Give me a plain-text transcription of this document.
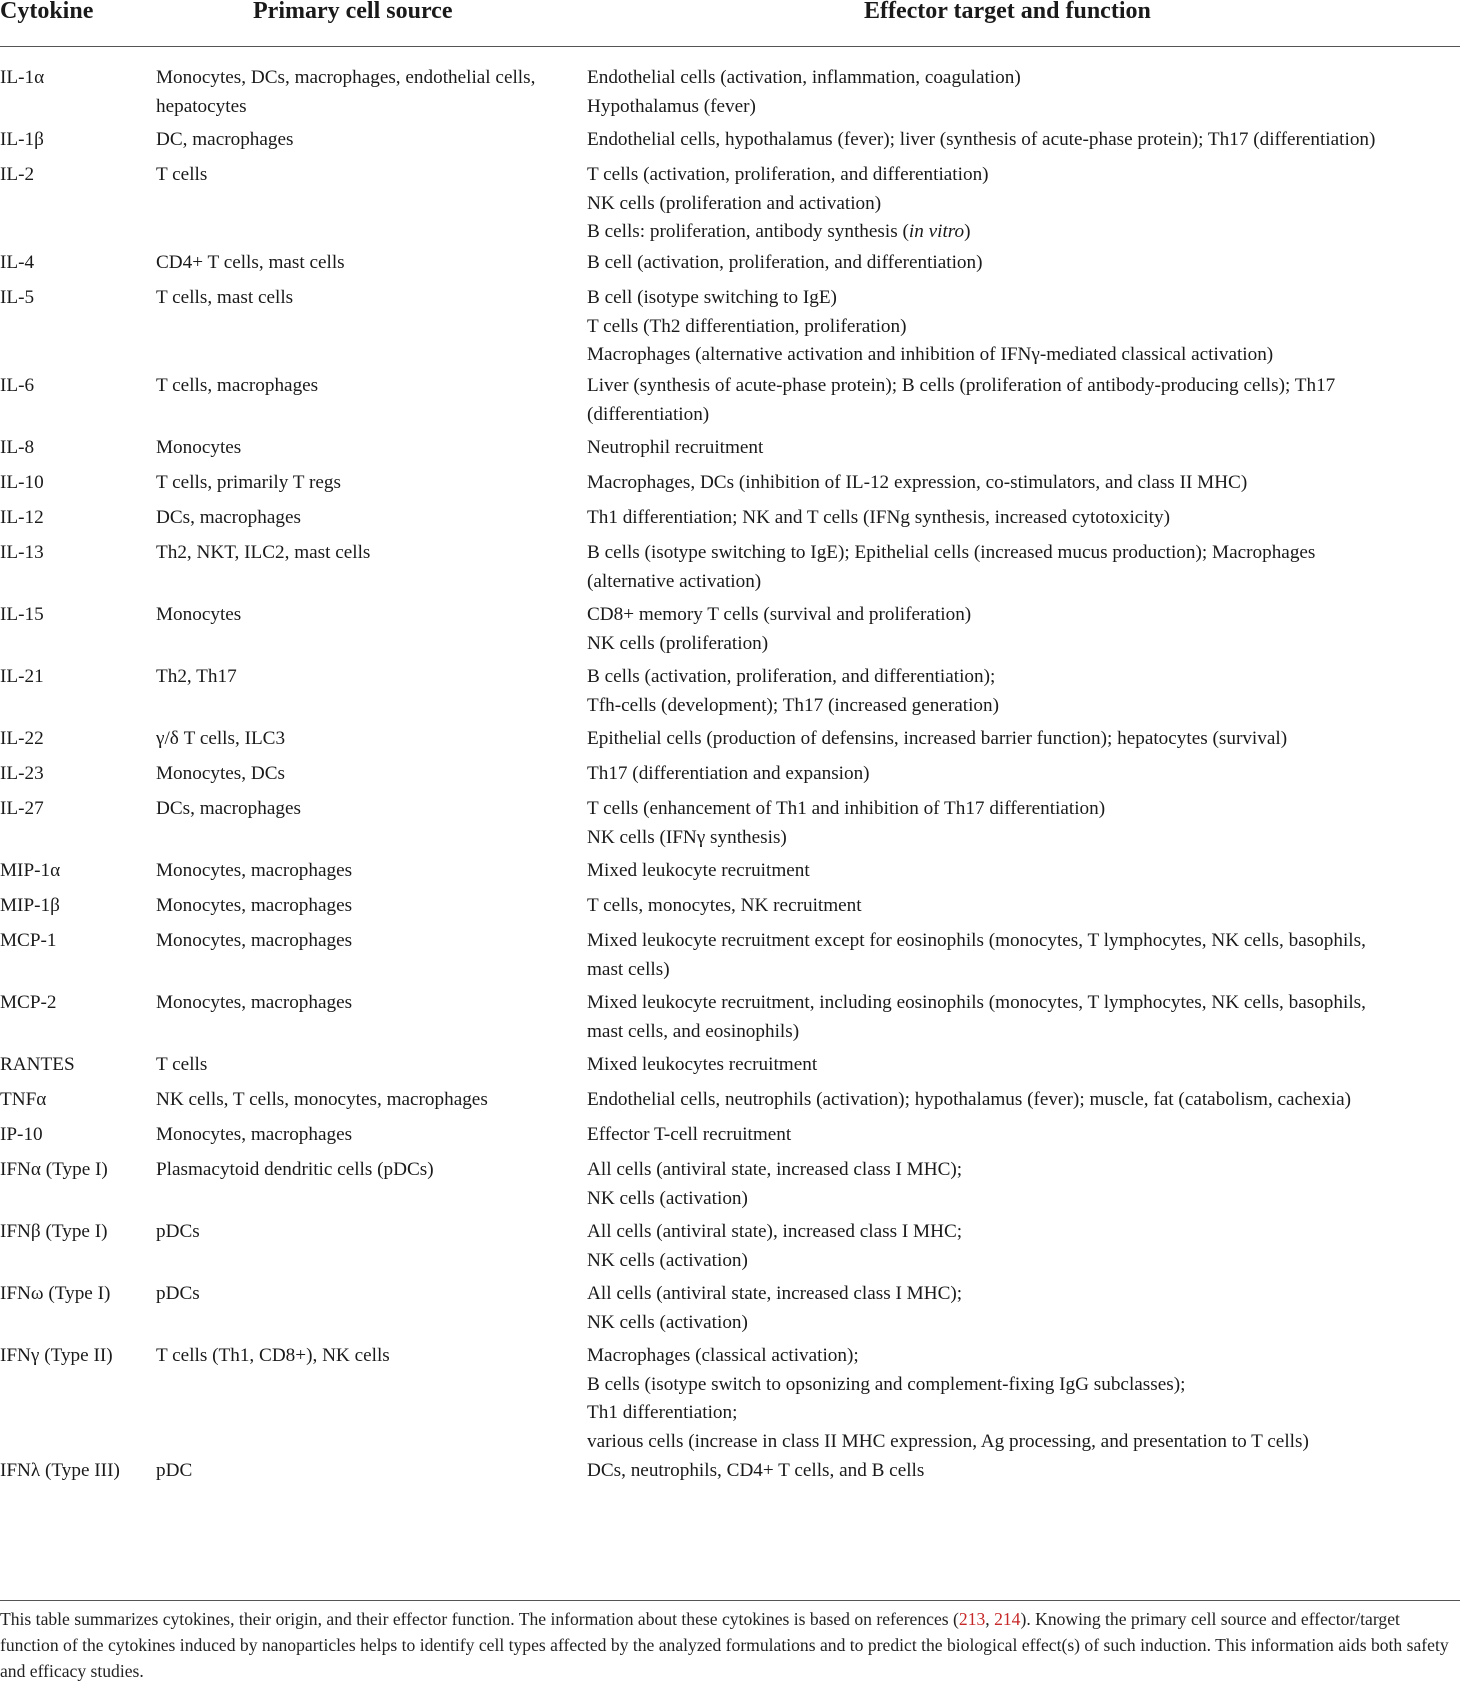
Cytokine	Primary cell source	Effector target and function
IL-1α	Monocytes, DCs, macrophages, endothelial cells, hepatocytes
Endothelial cells (activation, inflammation, coagulation)
Hypothalamus (fever)
IL-1β	DC, macrophages	Endothelial cells, hypothalamus (fever); liver (synthesis of acute-phase protein); Th17 (differentiation)
IL-2	T cells	T cells (activation, proliferation, and differentiation)
NK cells (proliferation and activation)
B cells: proliferation, antibody synthesis (in vitro)
IL-4	CD4+ T cells, mast cells	B cell (activation, proliferation, and differentiation)
IL-5	T cells, mast cells	B cell (isotype switching to IgE)
T cells (Th2 differentiation, proliferation)
Macrophages (alternative activation and inhibition of IFNγ-mediated classical activation)
IL-6	T cells, macrophages	Liver (synthesis of acute-phase protein); B cells (proliferation of antibody-producing cells); Th17
(differentiation)
IL-8	Monocytes	Neutrophil recruitment
IL-10	T cells, primarily T regs	Macrophages, DCs (inhibition of IL-12 expression, co-stimulators, and class II MHC)
IL-12	DCs, macrophages	Th1 differentiation; NK and T cells (IFNg synthesis, increased cytotoxicity)
IL-13	Th2, NKT, ILC2, mast cells	B cells (isotype switching to IgE); Epithelial cells (increased mucus production); Macrophages
(alternative activation)
IL-15	Monocytes	CD8+ memory T cells (survival and proliferation)
NK cells (proliferation)
IL-21	Th2, Th17	B cells (activation, proliferation, and differentiation);
Tfh-cells (development); Th17 (increased generation)
IL-22	γ/δ T cells, ILC3	Epithelial cells (production of defensins, increased barrier function); hepatocytes (survival)
IL-23	Monocytes, DCs	Th17 (differentiation and expansion)
IL-27	DCs, macrophages	T cells (enhancement of Th1 and inhibition of Th17 differentiation)
NK cells (IFNγ synthesis)
MIP-1α	Monocytes, macrophages	Mixed leukocyte recruitment
MIP-1β	Monocytes, macrophages	T cells, monocytes, NK recruitment
MCP-1	Monocytes, macrophages	Mixed leukocyte recruitment except for eosinophils (monocytes, T lymphocytes, NK cells, basophils,
mast cells)
MCP-2	Monocytes, macrophages	Mixed leukocyte recruitment, including eosinophils (monocytes, T lymphocytes, NK cells, basophils,
mast cells, and eosinophils)
RANTES	T cells	Mixed leukocytes recruitment
TNFα	NK cells, T cells, monocytes, macrophages	Endothelial cells, neutrophils (activation); hypothalamus (fever); muscle, fat (catabolism, cachexia)
IP-10	Monocytes, macrophages	Effector T-cell recruitment
IFNα (Type I)	Plasmacytoid dendritic cells (pDCs)	All cells (antiviral state, increased class I MHC);
NK cells (activation)
IFNβ (Type I)	pDCs	All cells (antiviral state), increased class I MHC;
NK cells (activation)
IFNω (Type I)	pDCs	All cells (antiviral state, increased class I MHC);
NK cells (activation)
IFNγ (Type II)	T cells (Th1, CD8+), NK cells	Macrophages (classical activation);
B cells (isotype switch to opsonizing and complement-fixing IgG subclasses);
Th1 differentiation;
various cells (increase in class II MHC expression, Ag processing, and presentation to T cells)
IFNλ (Type III)	pDC	DCs, neutrophils, CD4+ T cells, and B cells
This table summarizes cytokines, their origin, and their effector function. The information about these cytokines is based on references (213, 214). Knowing the primary cell source and effector/target function of the cytokines induced by nanoparticles helps to identify cell types affected by the analyzed formulations and to predict the biological effect(s) of such induction. This information aids both safety and efficacy studies.
